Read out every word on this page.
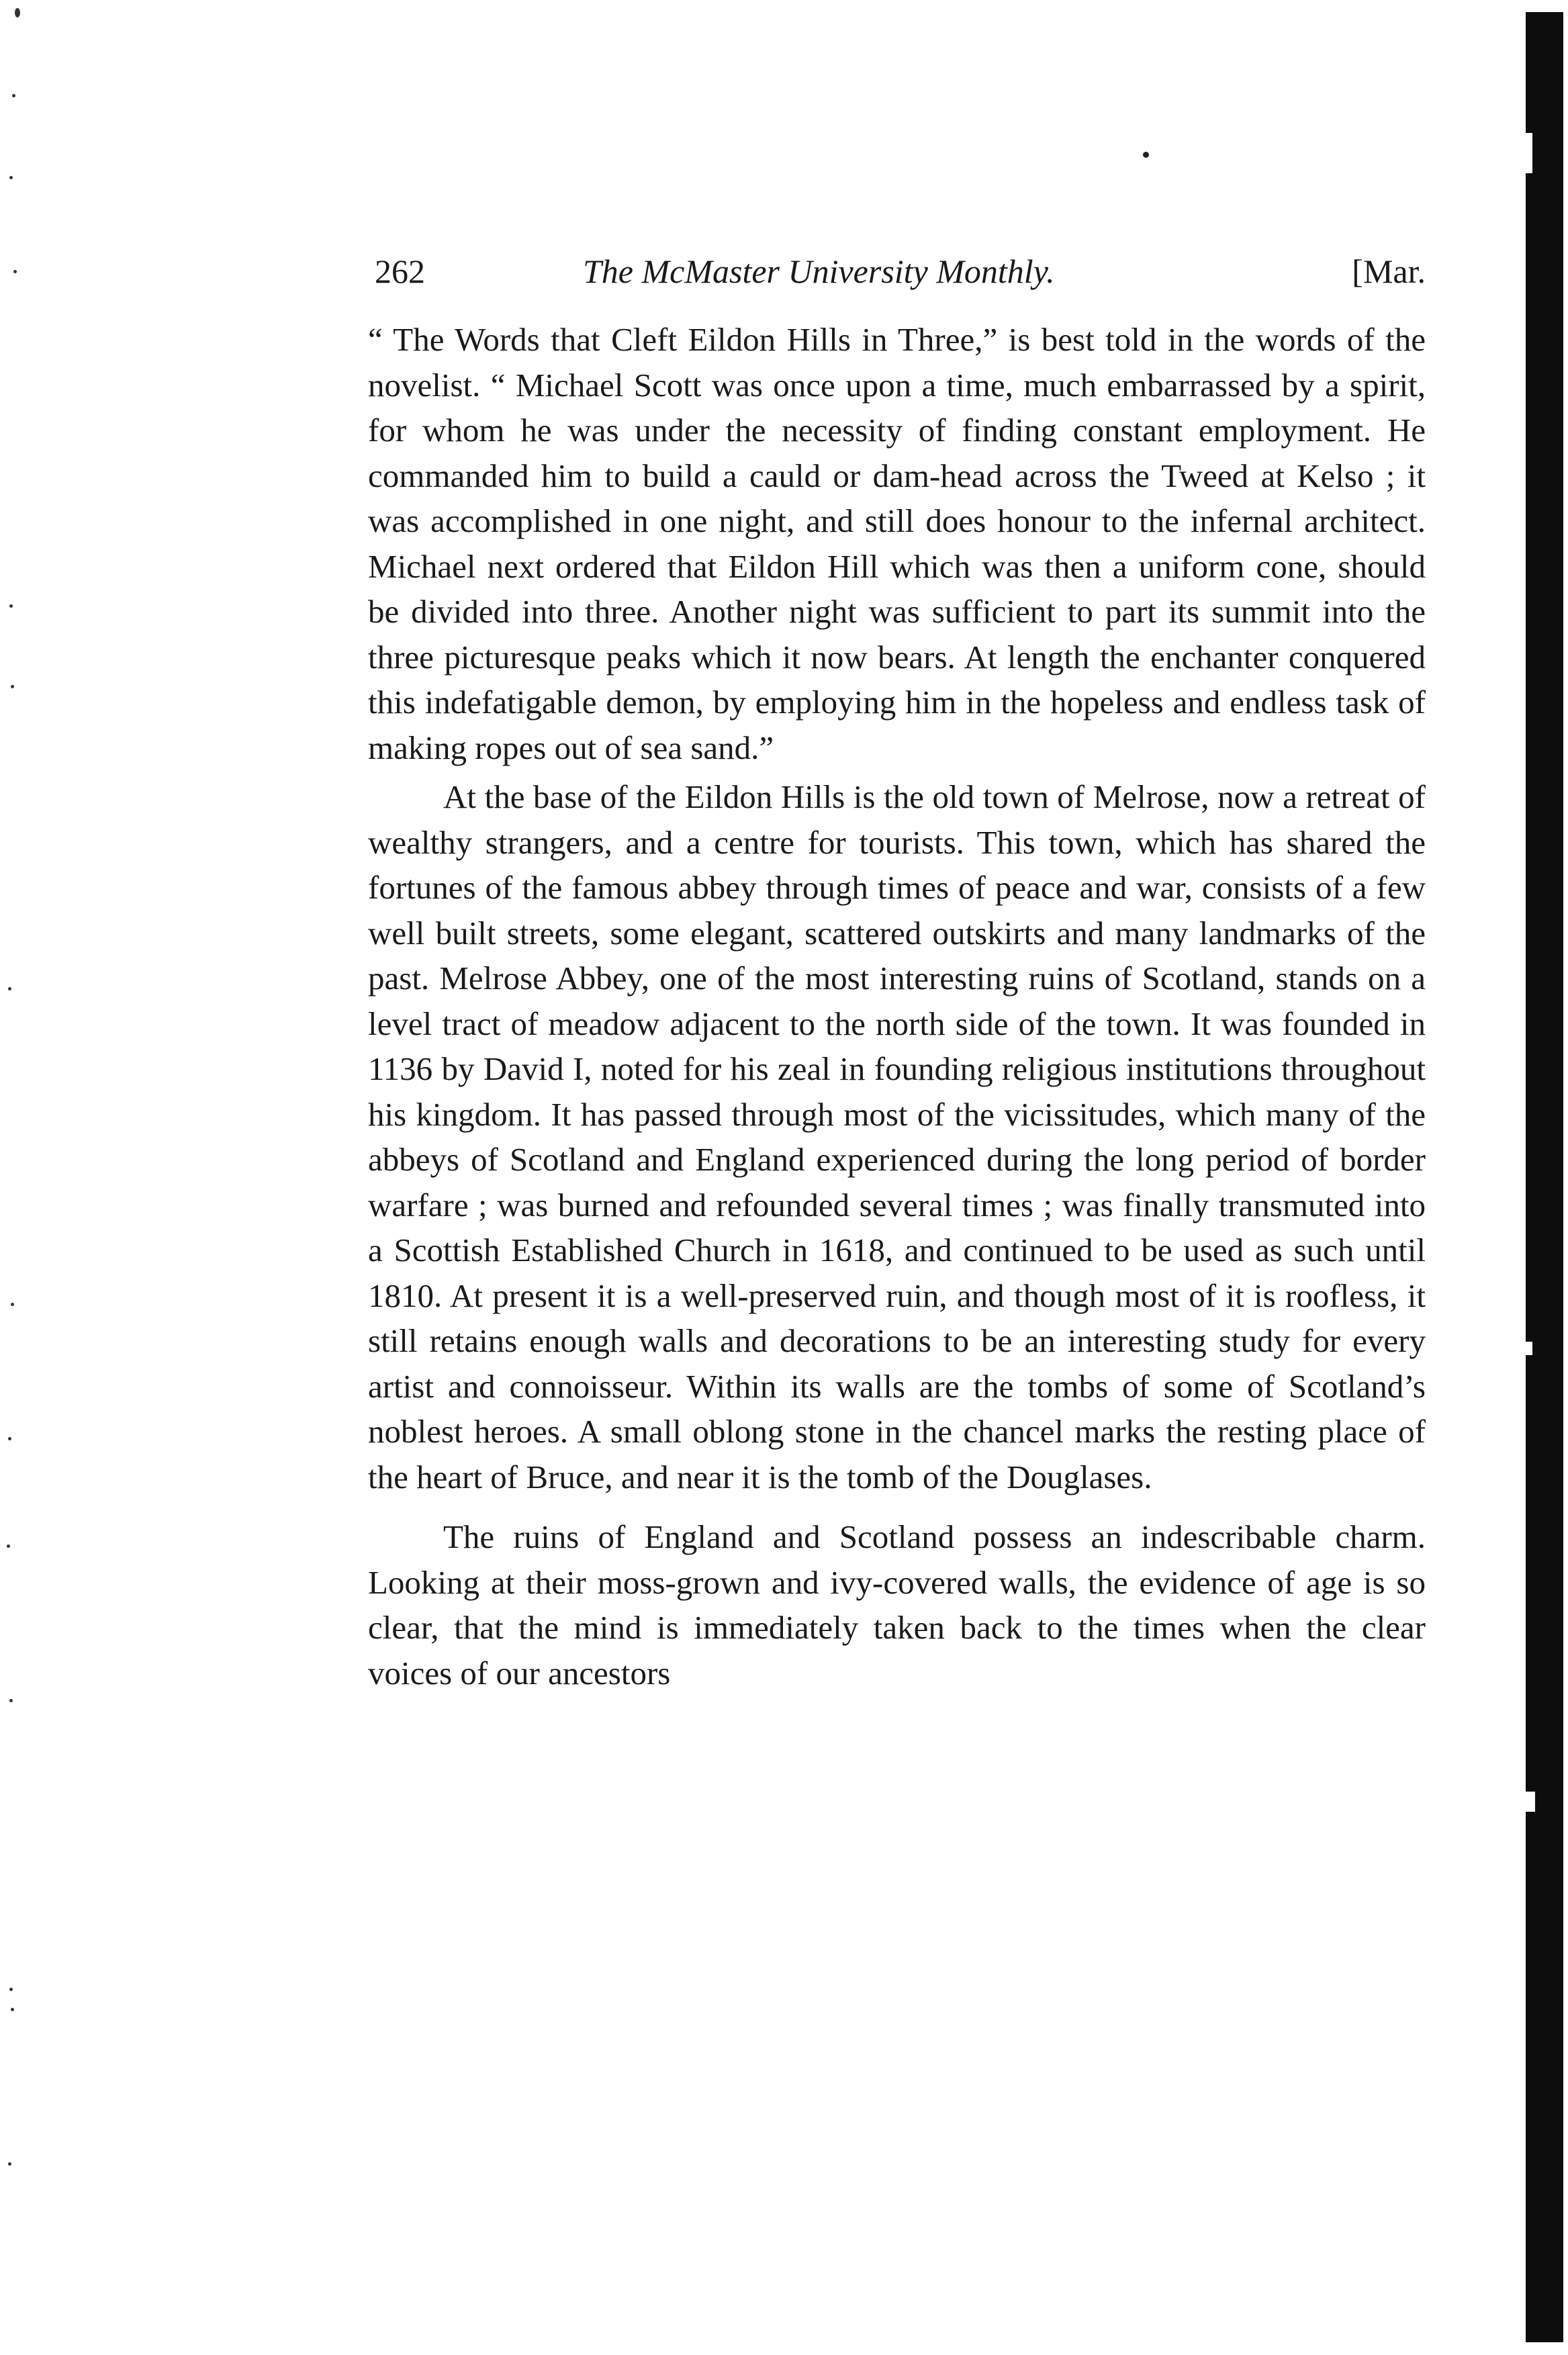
262	The McMaster University Monthly.	[Mar.

“ The Words that Cleft Eildon Hills in Three,” is best told in the words of the novelist. “ Michael Scott was once upon a time, much embarrassed by a spirit, for whom he was under the necessity of finding constant employment. He commanded him to build a cauld or dam-head across the Tweed at Kelso ; it was accomplished in one night, and still does honour to the infernal architect. Michael next ordered that Eildon Hill which was then a uniform cone, should be divided into three. Another night was sufficient to part its summit into the three picturesque peaks which it now bears. At length the enchanter conquered this indefatigable demon, by employing him in the hopeless and endless task of making ropes out of sea sand.”

At the base of the Eildon Hills is the old town of Melrose, now a retreat of wealthy strangers, and a centre for tourists. This town, which has shared the fortunes of the famous abbey through times of peace and war, consists of a few well built streets, some elegant, scattered outskirts and many landmarks of the past. Melrose Abbey, one of the most interesting ruins of Scotland, stands on a level tract of meadow adjacent to the north side of the town. It was founded in 1136 by David I, noted for his zeal in founding religious institutions throughout his kingdom. It has passed through most of the vicissitudes, which many of the abbeys of Scotland and England experienced during the long period of border warfare ; was burned and refounded several times ; was finally transmuted into a Scottish Established Church in 1618, and continued to be used as such until 1810. At present it is a well-preserved ruin, and though most of it is roofless, it still retains enough walls and decorations to be an interesting study for every artist and connoisseur. Within its walls are the tombs of some of Scotland’s noblest heroes. A small oblong stone in the chancel marks the resting place of the heart of Bruce, and near it is the tomb of the Douglases.

The ruins of England and Scotland possess an indescribable charm. Looking at their moss-grown and ivy-covered walls, the evidence of age is so clear, that the mind is immediately taken back to the times when the clear voices of our ancestors
